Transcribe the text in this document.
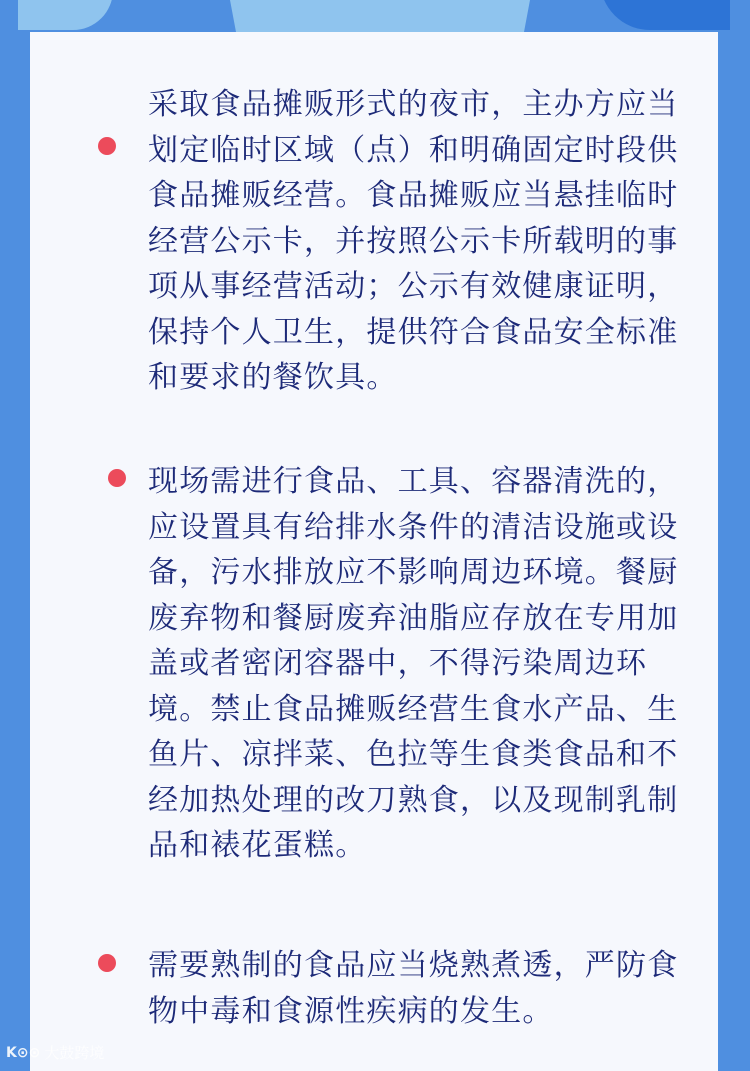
采取食品摊贩形式的夜市，主办方应当划定临时区域（点）和明确固定时段供食品摊贩经营。食品摊贩应当悬挂临时经营公示卡，并按照公示卡所载明的事项从事经营活动；公示有效健康证明，保持个人卫生，提供符合食品安全标准和要求的餐饮具。

现场需进行食品、工具、容器清洗的，应设置具有给排水条件的清洁设施或设备，污水排放应不影响周边环境。餐厨废弃物和餐厨废弃油脂应存放在专用加盖或者密闭容器中，不得污染周边环境。禁止食品摊贩经营生食水产品、生鱼片、凉拌菜、色拉等生食类食品和不经加热处理的改刀熟食，以及现制乳制品和裱花蛋糕。

需要熟制的食品应当烧熟煮透，严防食物中毒和食源性疾病的发生。

K⊙⊙ 大鼓跨境
